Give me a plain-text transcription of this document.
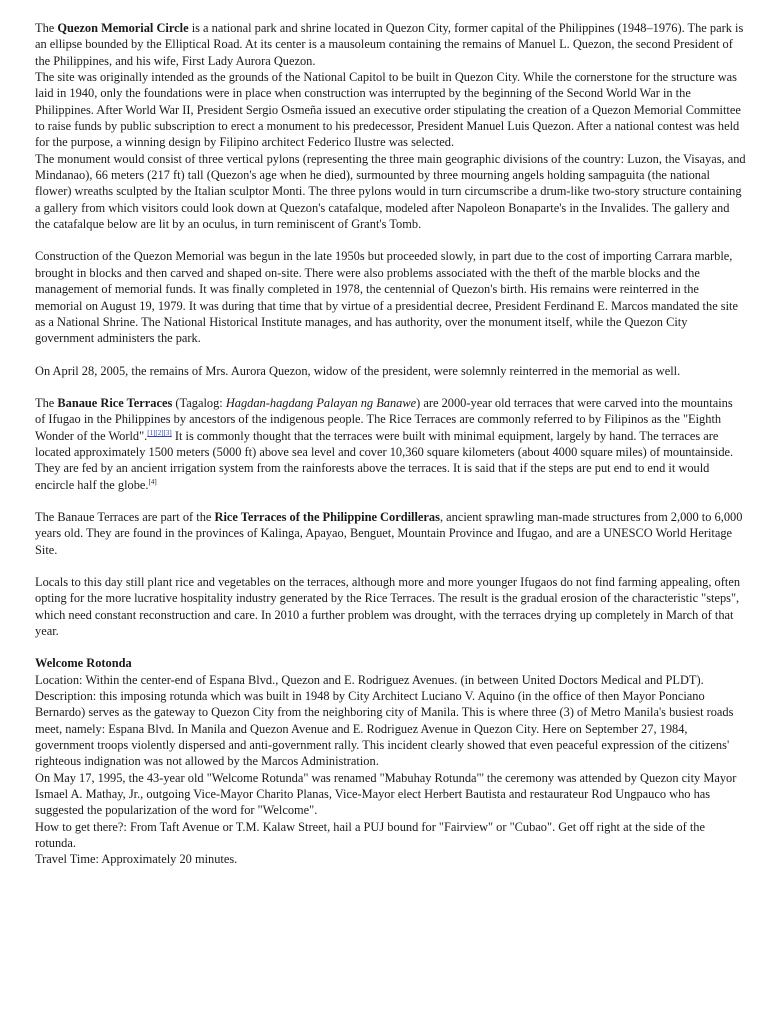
The Quezon Memorial Circle is a national park and shrine located in Quezon City, former capital of the Philippines (1948–1976). The park is an ellipse bounded by the Elliptical Road. At its center is a mausoleum containing the remains of Manuel L. Quezon, the second President of the Philippines, and his wife, First Lady Aurora Quezon.

The site was originally intended as the grounds of the National Capitol to be built in Quezon City. While the cornerstone for the structure was laid in 1940, only the foundations were in place when construction was interrupted by the beginning of the Second World War in the Philippines. After World War II, President Sergio Osmeña issued an executive order stipulating the creation of a Quezon Memorial Committee to raise funds by public subscription to erect a monument to his predecessor, President Manuel Luis Quezon. After a national contest was held for the purpose, a winning design by Filipino architect Federico Ilustre was selected.

The monument would consist of three vertical pylons (representing the three main geographic divisions of the country: Luzon, the Visayas, and Mindanao), 66 meters (217 ft) tall (Quezon's age when he died), surmounted by three mourning angels holding sampaguita (the national flower) wreaths sculpted by the Italian sculptor Monti. The three pylons would in turn circumscribe a drum-like two-story structure containing a gallery from which visitors could look down at Quezon's catafalque, modeled after Napoleon Bonaparte's in the Invalides. The gallery and the catafalque below are lit by an oculus, in turn reminiscent of Grant's Tomb.

Construction of the Quezon Memorial was begun in the late 1950s but proceeded slowly, in part due to the cost of importing Carrara marble, brought in blocks and then carved and shaped on-site. There were also problems associated with the theft of the marble blocks and the management of memorial funds. It was finally completed in 1978, the centennial of Quezon's birth. His remains were reinterred in the memorial on August 19, 1979. It was during that time that by virtue of a presidential decree, President Ferdinand E. Marcos mandated the site as a National Shrine. The National Historical Institute manages, and has authority, over the monument itself, while the Quezon City government administers the park.

On April 28, 2005, the remains of Mrs. Aurora Quezon, widow of the president, were solemnly reinterred in the memorial as well.

The Banaue Rice Terraces (Tagalog: Hagdan-hagdang Palayan ng Banawe) are 2000-year old terraces that were carved into the mountains of Ifugao in the Philippines by ancestors of the indigenous people. The Rice Terraces are commonly referred to by Filipinos as the "Eighth Wonder of the World".[1][2][3] It is commonly thought that the terraces were built with minimal equipment, largely by hand. The terraces are located approximately 1500 meters (5000 ft) above sea level and cover 10,360 square kilometers (about 4000 square miles) of mountainside. They are fed by an ancient irrigation system from the rainforests above the terraces. It is said that if the steps are put end to end it would encircle half the globe.[4]

The Banaue Terraces are part of the Rice Terraces of the Philippine Cordilleras, ancient sprawling man-made structures from 2,000 to 6,000 years old. They are found in the provinces of Kalinga, Apayao, Benguet, Mountain Province and Ifugao, and are a UNESCO World Heritage Site.

Locals to this day still plant rice and vegetables on the terraces, although more and more younger Ifugaos do not find farming appealing, often opting for the more lucrative hospitality industry generated by the Rice Terraces. The result is the gradual erosion of the characteristic "steps", which need constant reconstruction and care. In 2010 a further problem was drought, with the terraces drying up completely in March of that year.

Welcome Rotonda

Location: Within the center-end of Espana Blvd., Quezon and E. Rodriguez Avenues. (in between United Doctors Medical and PLDT).

Description: this imposing rotunda which was built in 1948 by City Architect Luciano V. Aquino (in the office of then Mayor Ponciano Bernardo) serves as the gateway to Quezon City from the neighboring city of Manila. This is where three (3) of Metro Manila's busiest roads meet, namely: Espana Blvd. In Manila and Quezon Avenue and E. Rodriguez Avenue in Quezon City. Here on September 27, 1984, government troops violently dispersed and anti-government rally. This incident clearly showed that even peaceful expression of the citizens' righteous indignation was not allowed by the Marcos Administration.

On May 17, 1995, the 43-year old "Welcome Rotunda" was renamed "Mabuhay Rotunda"' the ceremony was attended by Quezon city Mayor Ismael A. Mathay, Jr., outgoing Vice-Mayor Charito Planas, Vice-Mayor elect Herbert Bautista and restaurateur Rod Ungpauco who has suggested the popularization of the word for "Welcome".

How to get there?: From Taft Avenue or T.M. Kalaw Street, hail a PUJ bound for "Fairview" or "Cubao". Get off right at the side of the rotunda.

Travel Time: Approximately 20 minutes.
